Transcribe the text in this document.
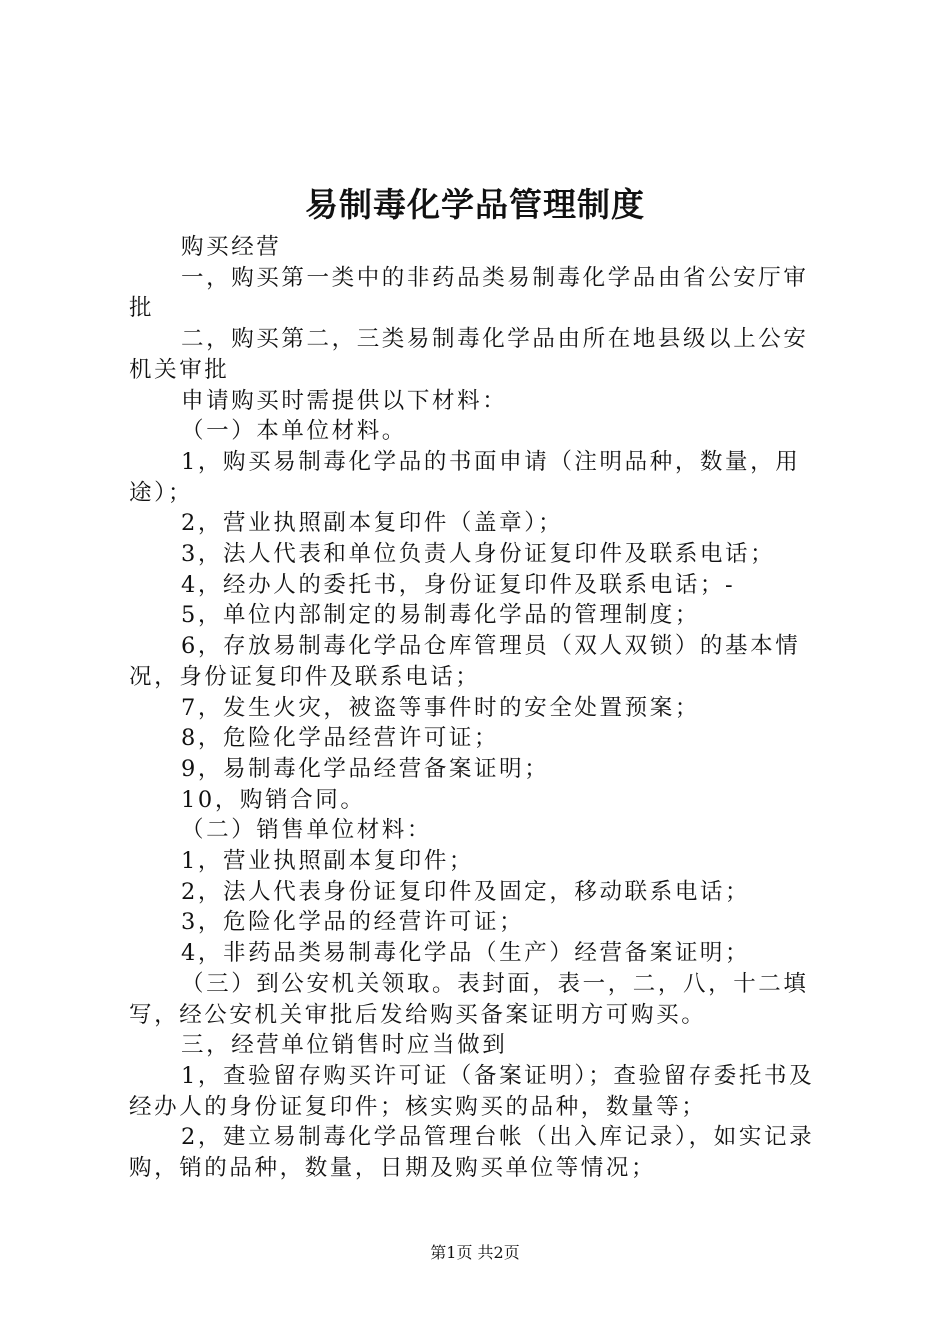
易制毒化学品管理制度

购买经营

一，购买第一类中的非药品类易制毒化学品由省公安厅审批

二，购买第二，三类易制毒化学品由所在地县级以上公安机关审批

申请购买时需提供以下材料：

（一）本单位材料。

1，购买易制毒化学品的书面申请（注明品种，数量，用途）；

2，营业执照副本复印件（盖章）；

3，法人代表和单位负责人身份证复印件及联系电话；

4，经办人的委托书，身份证复印件及联系电话；-

5，单位内部制定的易制毒化学品的管理制度；

6，存放易制毒化学品仓库管理员（双人双锁）的基本情况，身份证复印件及联系电话；

7，发生火灾，被盗等事件时的安全处置预案；

8，危险化学品经营许可证；

9，易制毒化学品经营备案证明；

10，购销合同。

（二）销售单位材料：

1，营业执照副本复印件；

2，法人代表身份证复印件及固定，移动联系电话；

3，危险化学品的经营许可证；

4，非药品类易制毒化学品（生产）经营备案证明；

（三）到公安机关领取。表封面，表一，二，八，十二填写，经公安机关审批后发给购买备案证明方可购买。

三，经营单位销售时应当做到

1，查验留存购买许可证（备案证明）；查验留存委托书及经办人的身份证复印件；核实购买的品种，数量等；

2，建立易制毒化学品管理台帐（出入库记录），如实记录购，销的品种，数量，日期及购买单位等情况；

第1页 共2页
